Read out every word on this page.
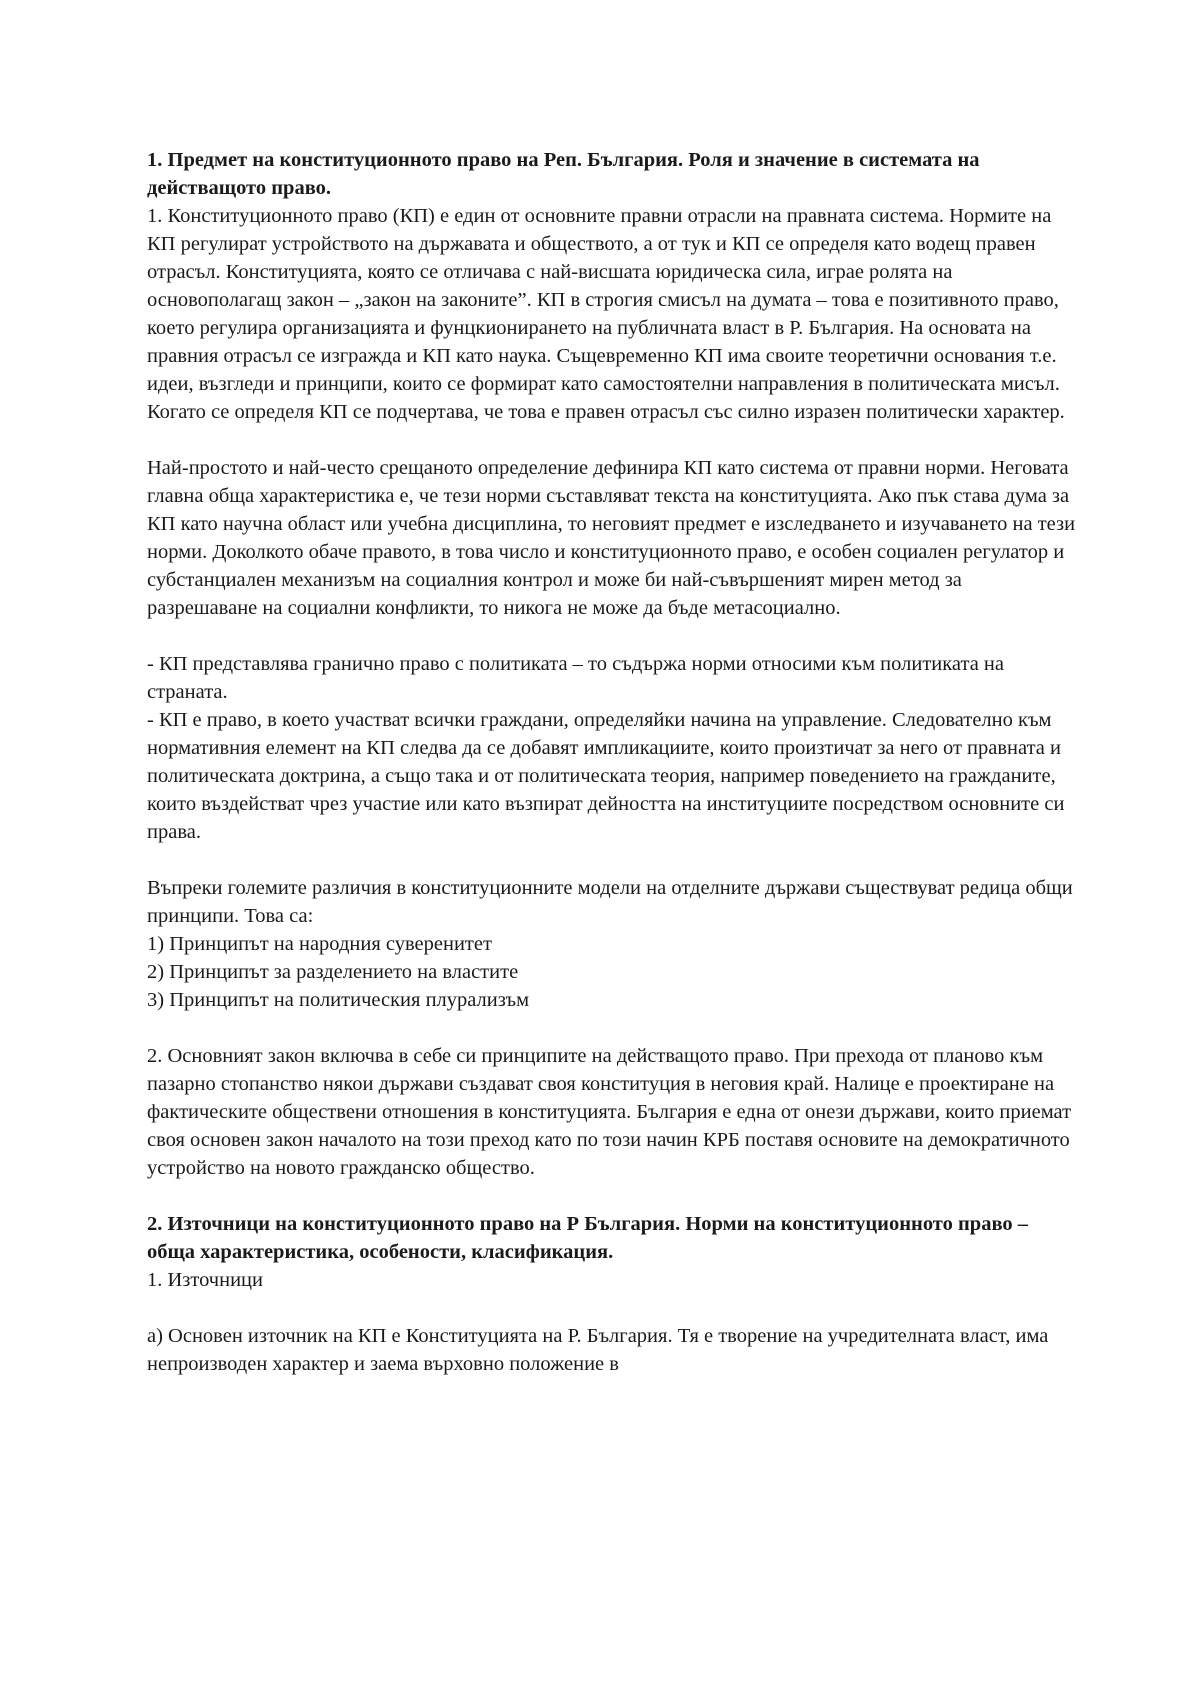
1. Предмет на конституционното право на Реп. България. Роля и значение в системата на действащото право.

1. Конституционното право (КП) е един от основните правни отрасли на правната система. Нормите на КП регулират устройството на държавата и обществото, а от тук и КП се определя като водещ правен отрасъл. Конституцията, която се отличава с най-висшата юридическа сила, играе ролята на основополагащ закон – „закон на законите”. КП в строгия смисъл на думата – това е позитивното право, което регулира организацията и фунцкионирането на публичната власт в Р. България. На основата на правния отрасъл се изгражда и КП като наука. Същевременно КП има своите теоретични основания т.е. идеи, възгледи и принципи, които се формират като самостоятелни направления в политическата мисъл. Когато се определя КП се подчертава, че това е правен отрасъл със силно изразен политически характер.

Най-простото и най-често срещаното определение дефинира КП като система от правни норми. Неговата главна обща характеристика е, че тези норми съставляват текста на конституцията. Ако пък става дума за КП като научна област или учебна дисциплина, то неговият предмет е изследването и изучаването на тези норми. Доколкото обаче правото, в това число и конституционното право, е особен социален регулатор и субстанциален механизъм на социалния контрол и може би най-съвършеният мирен метод за разрешаване на социални конфликти, то никога не може да бъде метасоциално.

- КП представлява гранично право с политиката – то съдържа норми относими към политиката на страната.
- КП е право, в което участват всички граждани, определяйки начина на управление. Следователно към нормативния елемент на КП следва да се добавят импликациите, които произтичат за него от правната и политическата доктрина, а също така и от политическата теория, например поведението на гражданите, които въздействат чрез участие или като възпират дейността на институциите посредством основните си права.

Въпреки големите различия в конституционните модели на отделните държави съществуват редица общи принципи. Това са:
1) Принципът на народния суверенитет
2) Принципът за разделението на властите
3) Принципът на политическия плурализъм

2. Основният закон включва в себе си принципите на действащото право. При прехода от планово към пазарно стопанство някои държави създават своя конституция в неговия край. Налице е проектиране на фактическите обществени отношения в конституцията. България е една от онези държави, които приемат своя основен закон началото на този преход като по този начин КРБ поставя основите на демократичното устройство на новото гражданско общество.

2. Източници на конституционното право на Р България. Норми на конституционното право – обща характеристика, особености, класификация.

1. Източници

а) Основен източник на КП е Конституцията на Р. България. Тя е творение на учредителната власт, има непроизводен характер и заема върховно положение в
